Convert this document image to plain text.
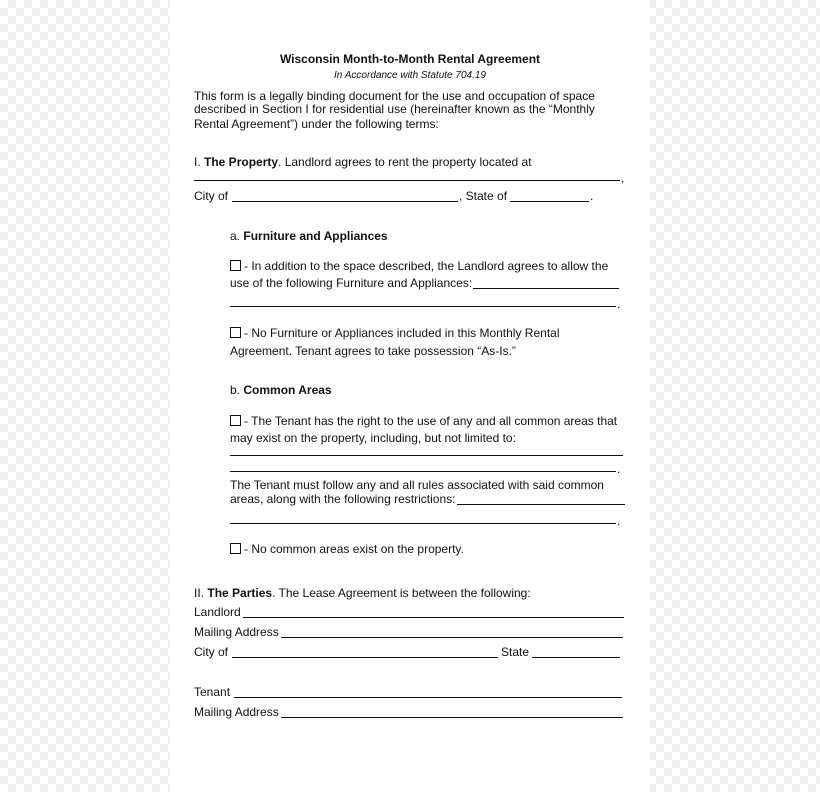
Wisconsin Month-to-Month Rental Agreement
In Accordance with Statute 704.19
This form is a legally binding document for the use and occupation of space
described in Section I for residential use (hereinafter known as the “Monthly
Rental Agreement”) under the following terms:
I. The Property. Landlord agrees to rent the property located at
,
City of	, State of	.
a. Furniture and Appliances
- In addition to the space described, the Landlord agrees to allow the
use of the following Furniture and Appliances:
.
- No Furniture or Appliances included in this Monthly Rental
Agreement. Tenant agrees to take possession “As-Is.”
b. Common Areas
- The Tenant has the right to the use of any and all common areas that
may exist on the property, including, but not limited to:
.
The Tenant must follow any and all rules associated with said common
areas, along with the following restrictions:
.
- No common areas exist on the property.
II. The Parties. The Lease Agreement is between the following:
Landlord
Mailing Address
City of	State
Tenant
Mailing Address
